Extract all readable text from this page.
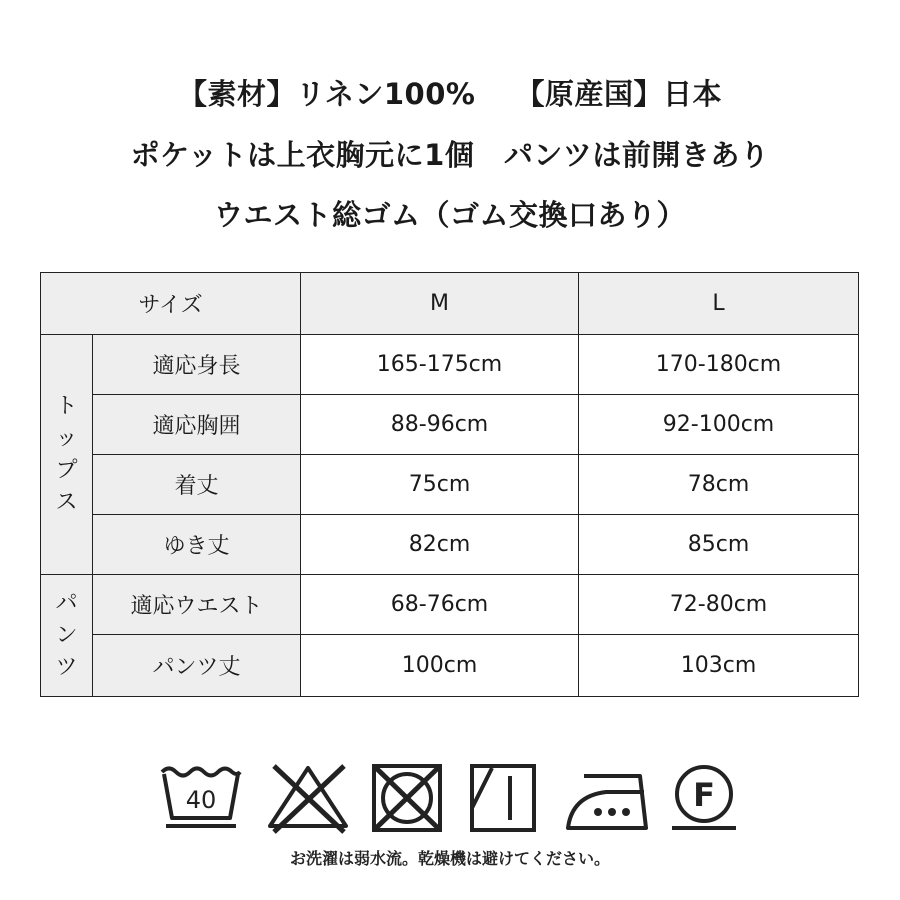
【素材】リネン100%　 【原産国】日本
ポケットは上衣胸元に1個　パンツは前開きあり
ウエスト総ゴム（ゴム交換口あり）
サイズ		M	L

ト
ッ
プ
ス	適応身長	165-175cm	170-180cm
	適応胸囲	88-96cm	92-100cm
	着丈	75cm	78cm
	ゆき丈	82cm	85cm

パ
ン
ツ	適応ウエスト	68-76cm	72-80cm
	パンツ丈	100cm	103cm
40	F
お洗濯は弱水流。乾燥機は避けてください。
